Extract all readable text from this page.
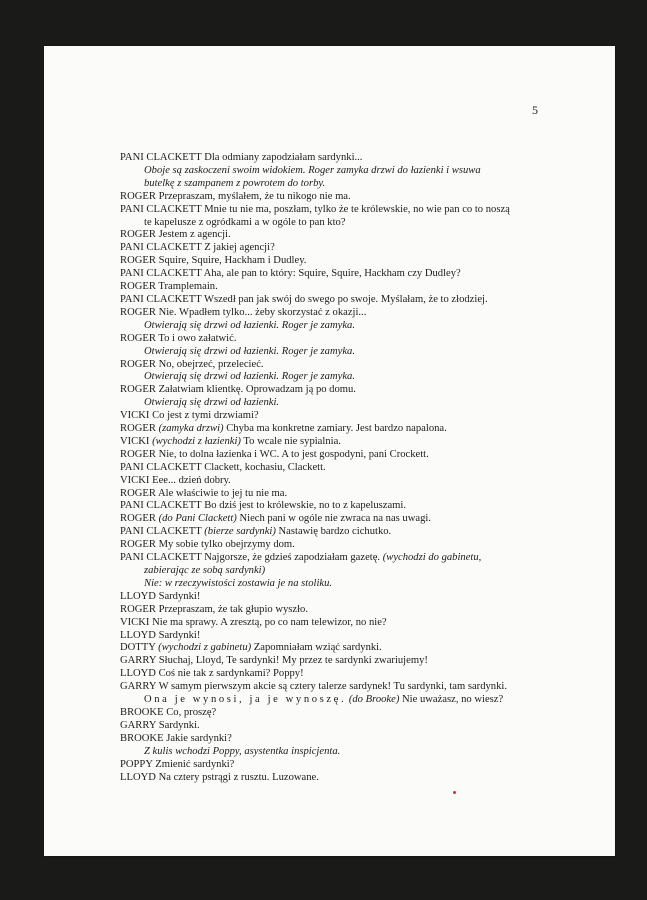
5
PANI CLACKETT Dla odmiany zapodziałam sardynki...
Oboje są zaskoczeni swoim widokiem. Roger zamyka drzwi do łazienki i wsuwa
butelkę z szampanem z powrotem do torby.
ROGER Przepraszam, myślałem, że tu nikogo nie ma.
PANI CLACKETT Mnie tu nie ma, poszłam, tylko że te królewskie, no wie pan co to noszą
te kapelusze z ogródkami a w ogóle to pan kto?
ROGER Jestem z agencji.
PANI CLACKETT Z jakiej agencji?
ROGER Squire, Squire, Hackham i Dudley.
PANI CLACKETT Aha, ale pan to który: Squire, Squire, Hackham czy Dudley?
ROGER Tramplemain.
PANI CLACKETT Wszedł pan jak swój do swego po swoje. Myślałam, że to złodziej.
ROGER Nie. Wpadłem tylko... żeby skorzystać z okazji...
Otwierają się drzwi od łazienki. Roger je zamyka.
ROGER To i owo załatwić.
Otwierają się drzwi od łazienki. Roger je zamyka.
ROGER No, obejrzeć, przelecieć.
Otwierają się drzwi od łazienki. Roger je zamyka.
ROGER Załatwiam klientkę. Oprowadzam ją po domu.
Otwierają się drzwi od łazienki.
VICKI Co jest z tymi drzwiami?
ROGER (zamyka drzwi) Chyba ma konkretne zamiary. Jest bardzo napalona.
VICKI (wychodzi z łazienki) To wcale nie sypialnia.
ROGER Nie, to dolna łazienka i WC. A to jest gospodyni, pani Crockett.
PANI CLACKETT Clackett, kochasiu, Clackett.
VICKI Eee... dzień dobry.
ROGER Ale właściwie to jej tu nie ma.
PANI CLACKETT Bo dziś jest to królewskie, no to z kapeluszami.
ROGER (do Pani Clackett) Niech pani w ogóle nie zwraca na nas uwagi.
PANI CLACKETT (bierze sardynki) Nastawię bardzo cichutko.
ROGER My sobie tylko obejrzymy dom.
PANI CLACKETT Najgorsze, że gdzieś zapodziałam gazetę. (wychodzi do gabinetu,
zabierając ze sobą sardynki)
Nie: w rzeczywistości zostawia je na stoliku.
LLOYD Sardynki!
ROGER Przepraszam, że tak głupio wyszło.
VICKI Nie ma sprawy. A zresztą, po co nam telewizor, no nie?
LLOYD Sardynki!
DOTTY (wychodzi z gabinetu) Zapomniałam wziąć sardynki.
GARRY Słuchaj, Lloyd, Te sardynki! My przez te sardynki zwariujemy!
LLOYD Coś nie tak z sardynkami? Poppy!
GARRY W samym pierwszym akcie są cztery talerze sardynek! Tu sardynki, tam sardynki.
Ona je wynosi, ja je wynoszę. (do Brooke) Nie uważasz, no wiesz?
BROOKE Co, proszę?
GARRY Sardynki.
BROOKE Jakie sardynki?
Z kulis wchodzi Poppy, asystentka inspicjenta.
POPPY Zmienić sardynki?
LLOYD Na cztery pstrągi z rusztu. Luzowane.
